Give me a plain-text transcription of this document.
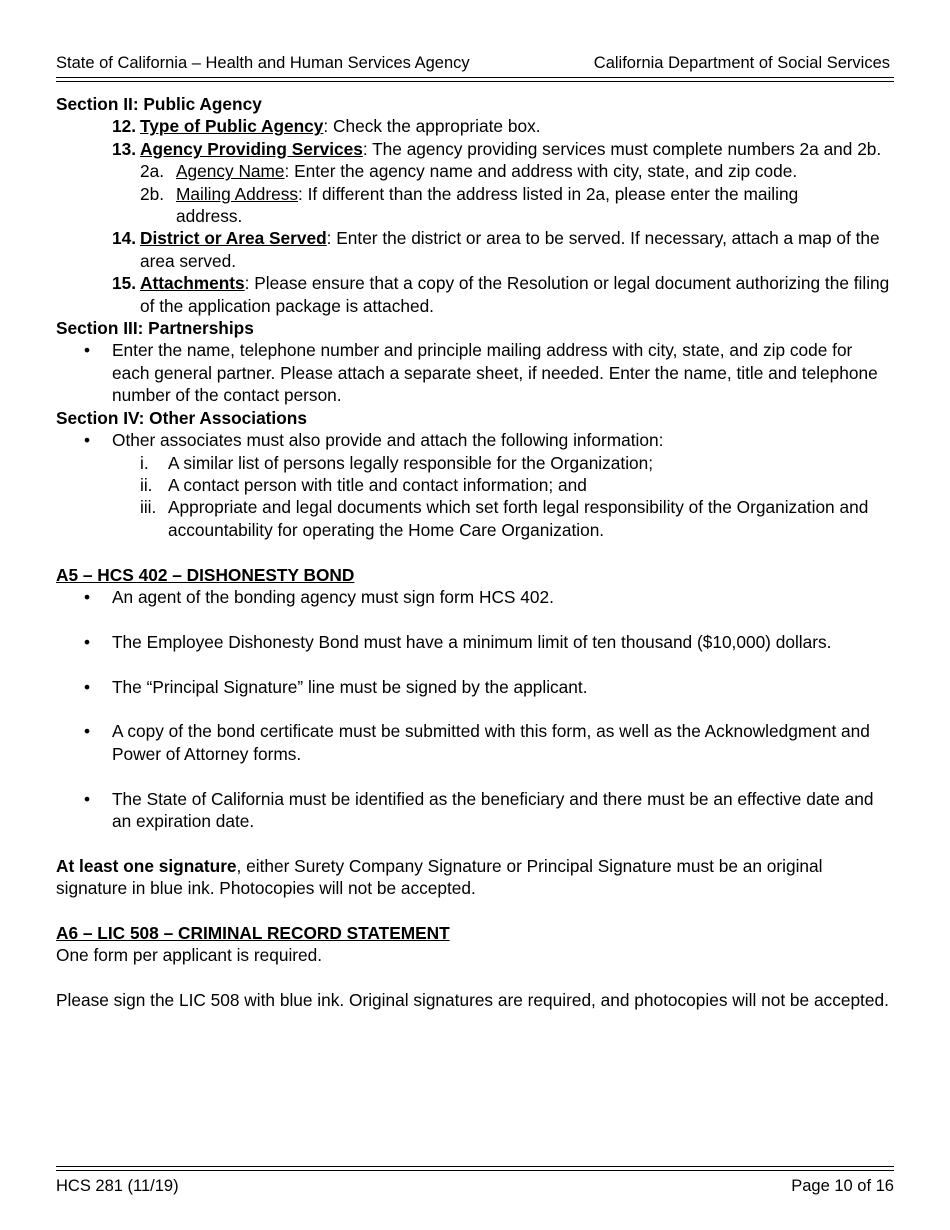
State of California – Health and Human Services Agency	California Department of Social Services

Section II: Public Agency

12. Type of Public Agency: Check the appropriate box.
13. Agency Providing Services: The agency providing services must complete numbers 2a and 2b.
2a. Agency Name: Enter the agency name and address with city, state, and zip code.
2b. Mailing Address: If different than the address listed in 2a, please enter the mailing address.
14. District or Area Served: Enter the district or area to be served. If necessary, attach a map of the area served.
15. Attachments: Please ensure that a copy of the Resolution or legal document authorizing the filing of the application package is attached.

Section III: Partnerships

• Enter the name, telephone number and principle mailing address with city, state, and zip code for each general partner. Please attach a separate sheet, if needed. Enter the name, title and telephone number of the contact person.

Section IV: Other Associations

• Other associates must also provide and attach the following information:
i. A similar list of persons legally responsible for the Organization;
ii. A contact person with title and contact information; and
iii. Appropriate and legal documents which set forth legal responsibility of the Organization and accountability for operating the Home Care Organization.

A5 – HCS 402 – DISHONESTY BOND

• An agent of the bonding agency must sign form HCS 402.
• The Employee Dishonesty Bond must have a minimum limit of ten thousand ($10,000) dollars.
• The “Principal Signature” line must be signed by the applicant.
• A copy of the bond certificate must be submitted with this form, as well as the Acknowledgment and Power of Attorney forms.
• The State of California must be identified as the beneficiary and there must be an effective date and an expiration date.

At least one signature, either Surety Company Signature or Principal Signature must be an original signature in blue ink. Photocopies will not be accepted.

A6 – LIC 508 – CRIMINAL RECORD STATEMENT

One form per applicant is required.

Please sign the LIC 508 with blue ink. Original signatures are required, and photocopies will not be accepted.

HCS 281 (11/19)	Page 10 of 16
